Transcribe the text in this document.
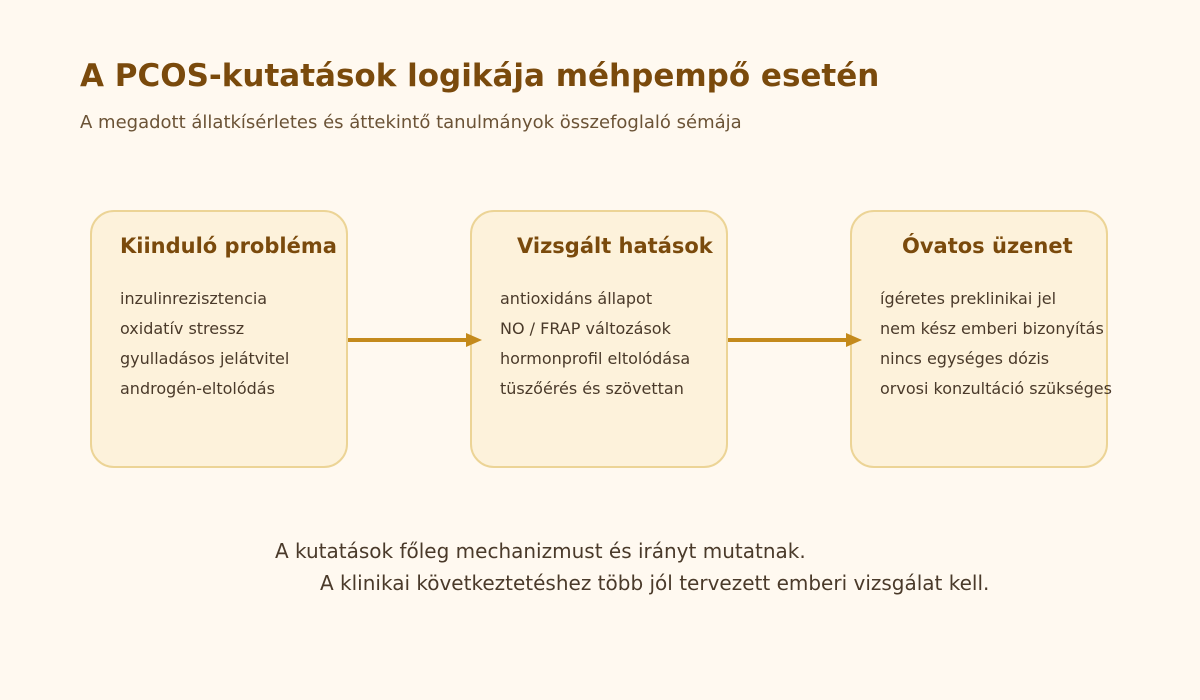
A PCOS-kutatások logikája méhpempő esetén

A megadott állatkísérletes és áttekintő tanulmányok összefoglaló sémája

Kiinduló probléma
inzulinrezisztencia
oxidatív stressz
gyulladásos jelátvitel
androgén-eltolódás
Vizsgált hatások
antioxidáns állapot
NO / FRAP változások
hormonprofil eltolódása
tüszőérés és szövettan
Óvatos üzenet
ígéretes preklinikai jel
nem kész emberi bizonyítás
nincs egységes dózis
orvosi konzultáció szükséges

A kutatások főleg mechanizmust és irányt mutatnak.
A klinikai következtetéshez több jól tervezett emberi vizsgálat kell.
